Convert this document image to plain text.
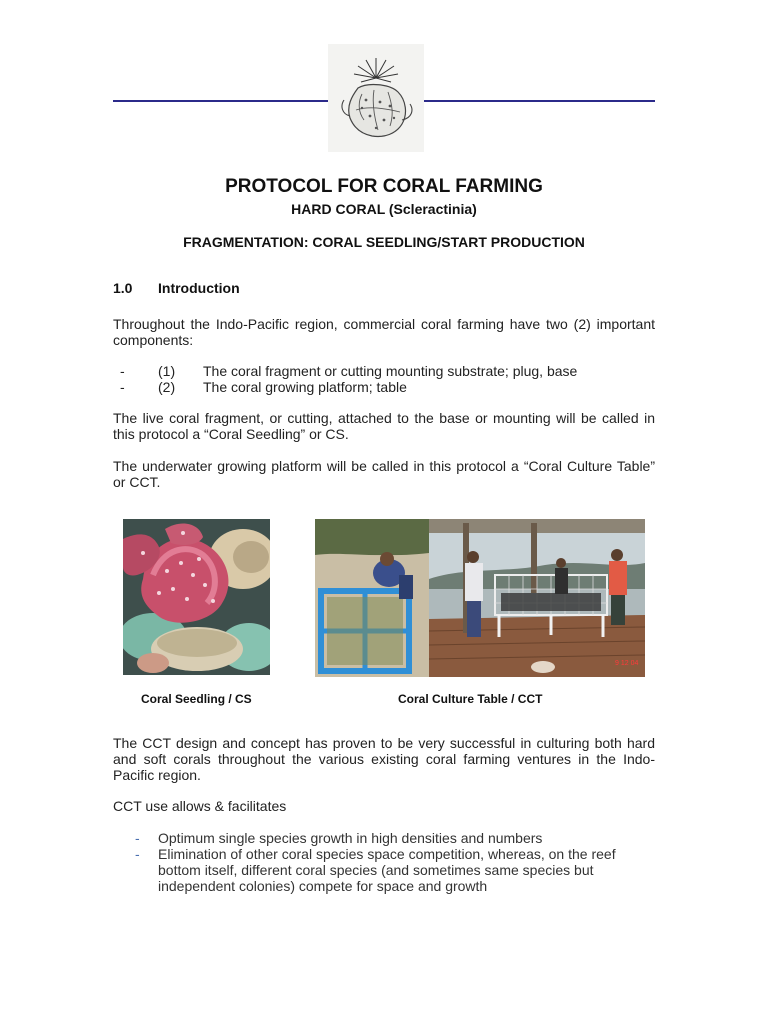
PROTOCOL FOR CORAL FARMING
HARD CORAL (Scleractinia)
FRAGMENTATION: CORAL SEEDLING/START PRODUCTION
1.0 Introduction
Throughout the Indo-Pacific region, commercial coral farming have two (2) important components:
-	(1)	The coral fragment or cutting mounting substrate; plug, base
-	(2)	The coral growing platform; table
The live coral fragment, or cutting, attached to the base or mounting will be called in this protocol a “Coral Seedling” or CS.
The underwater growing platform will be called in this protocol a “Coral Culture Table” or CCT.
9 12 04
Coral Seedling / CS	Coral Culture Table / CCT
The CCT design and concept has proven to be very successful in culturing both hard and soft corals throughout the various existing coral farming ventures in the Indo-Pacific region.
CCT use allows & facilitates
-	Optimum single species growth in high densities and numbers
-	Elimination of other coral species space competition, whereas, on the reef bottom itself, different coral species (and sometimes same species but independent colonies) compete for space and growth
